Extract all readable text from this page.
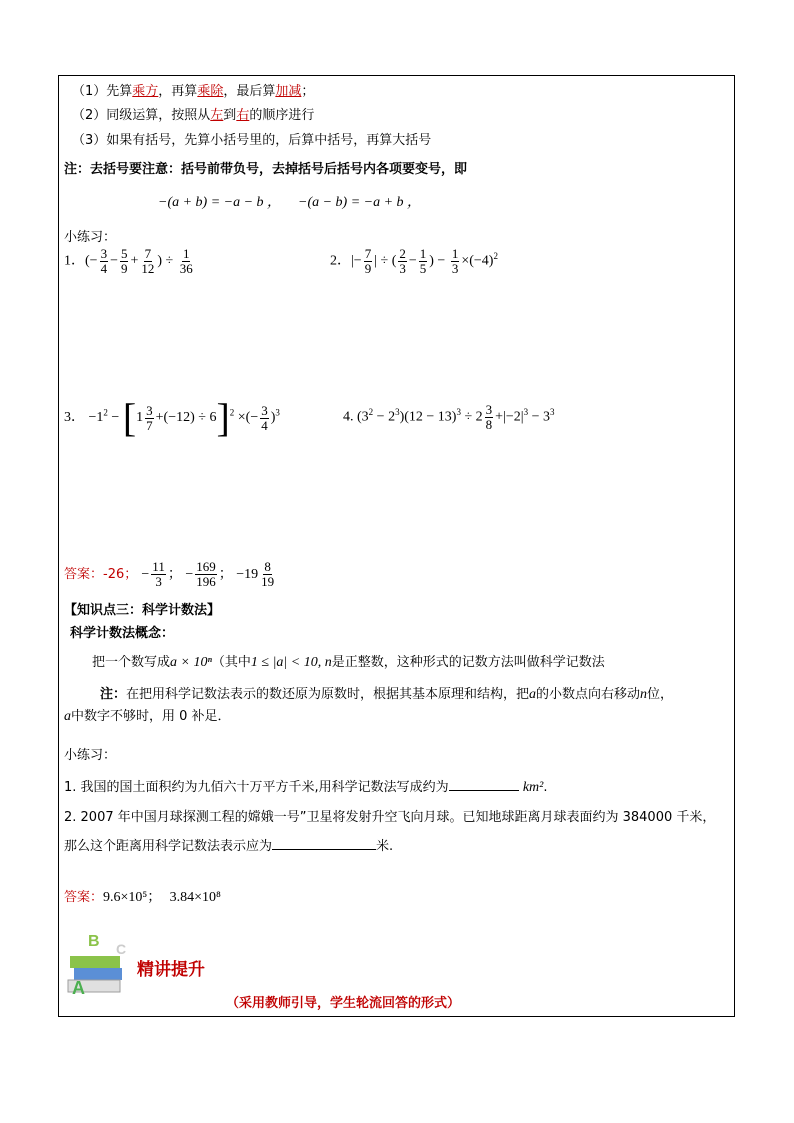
（1）先算乘方，再算乘除，最后算加减；
（2）同级运算，按照从左到右的顺序进行
（3）如果有括号，先算小括号里的，后算中括号，再算大括号
注：去括号要注意：括号前带负号，去掉括号后括号内各项要变号，即
−(a + b) = −a − b ， −(a − b) = −a + b ，
小练习：
1．(− $\frac{3}{4} - \frac{5}{9} + \frac{7}{12}$ ) ÷ $\frac{1}{36}$	2．|− $\frac{7}{9}$ | ÷ ( $\frac{2}{3} - \frac{1}{5}$ ) − $\frac{1}{3} \times(-4)^2$
3． $-1^2 - [1 \frac{3}{7} +(-12) \div 6]^2$ ×(− $\frac{3}{4} )^3$	4. $(3^2 - 2^3)(12 - 13)^3 \div 2 \frac{3}{8} +|-2|^3 - 3^3$
答案：-26； − $\frac{11}{3}$ ； − $\frac{169}{196}$ ； $-19 \frac{8}{19}$
【知识点三：科学计数法】
科学计数法概念：
把一个数写成a × 10ⁿ（其中1 ≤ |a| < 10, n是正整数，这种形式的记数方法叫做科学记数法
注：在把用科学记数法表示的数还原为原数时，根据其基本原理和结构，把a的小数点向右移动n位，
a中数字不够时，用 0 补足．
小练习：
1. 我国的国土面积约为九佰六十万平方千米,用科学记数法写成约为	km².
2. 2007 年中国月球探测工程的嫦娥一号”卫星将发射升空飞向月球。已知地球距离月球表面约为 384000 千米，
那么这个距离用科学记数法表示应为	米.
答案：9.6×10⁵； 3.84×10⁸
B C
A
精讲提升
（采用教师引导，学生轮流回答的形式）
